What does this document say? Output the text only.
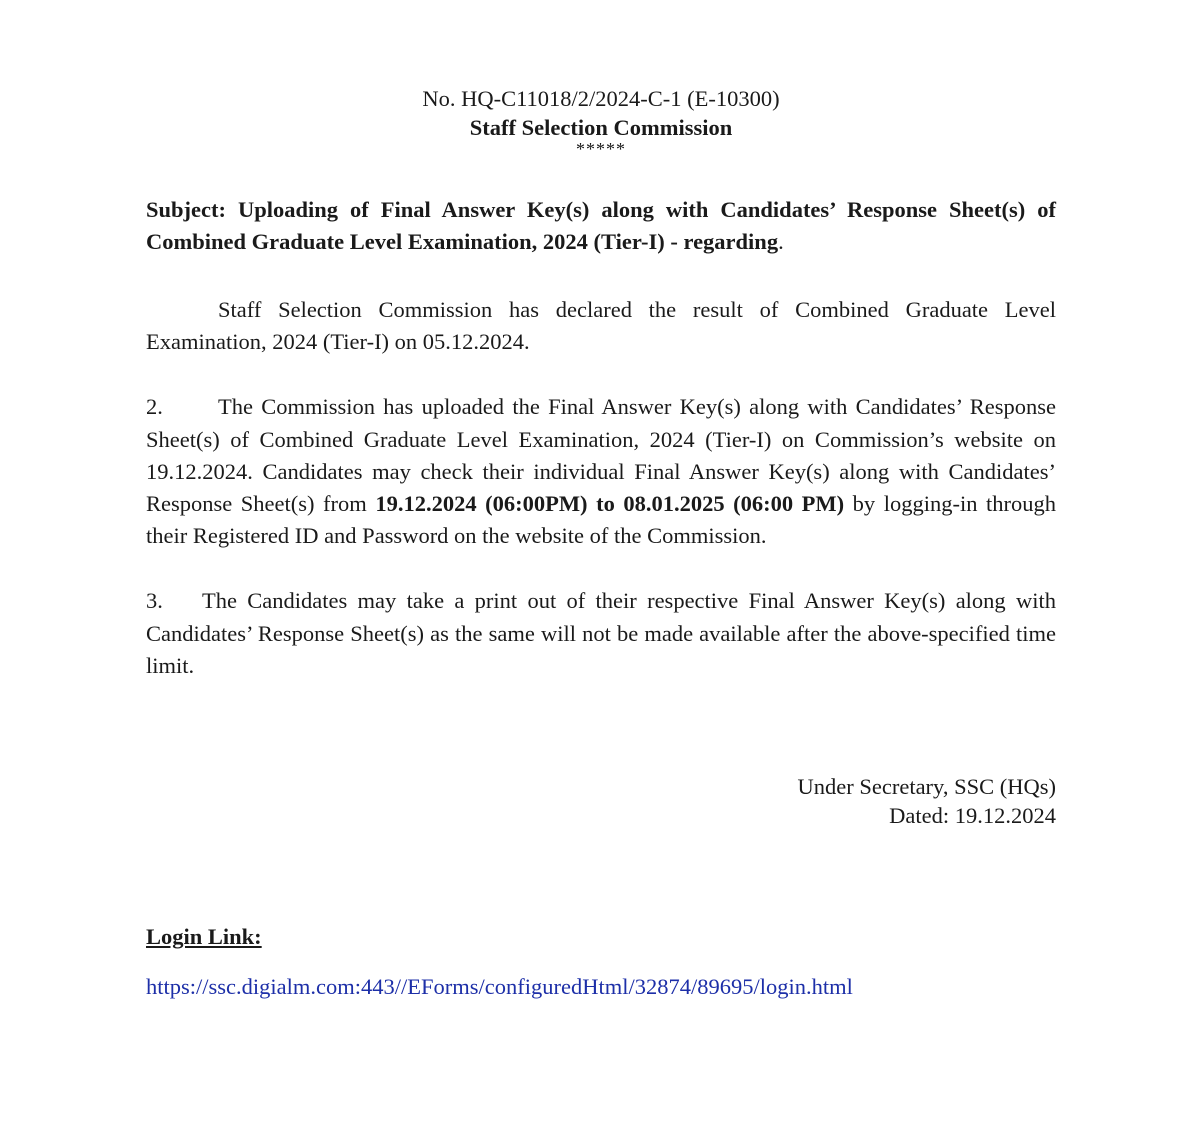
No. HQ-C11018/2/2024-C-1 (E-10300)
Staff Selection Commission
*****
Subject: Uploading of Final Answer Key(s) along with Candidates’ Response Sheet(s) of Combined Graduate Level Examination, 2024 (Tier-I) - regarding.

Staff Selection Commission has declared the result of Combined Graduate Level Examination, 2024 (Tier-I) on 05.12.2024.

2. The Commission has uploaded the Final Answer Key(s) along with Candidates’ Response Sheet(s) of Combined Graduate Level Examination, 2024 (Tier-I) on Commission’s website on 19.12.2024. Candidates may check their individual Final Answer Key(s) along with Candidates’ Response Sheet(s) from 19.12.2024 (06:00PM) to 08.01.2025 (06:00 PM) by logging-in through their Registered ID and Password on the website of the Commission.

3. The Candidates may take a print out of their respective Final Answer Key(s) along with Candidates’ Response Sheet(s) as the same will not be made available after the above-specified time limit.

Under Secretary, SSC (HQs)
Dated: 19.12.2024
Login Link:
https://ssc.digialm.com:443//EForms/configuredHtml/32874/89695/login.html
